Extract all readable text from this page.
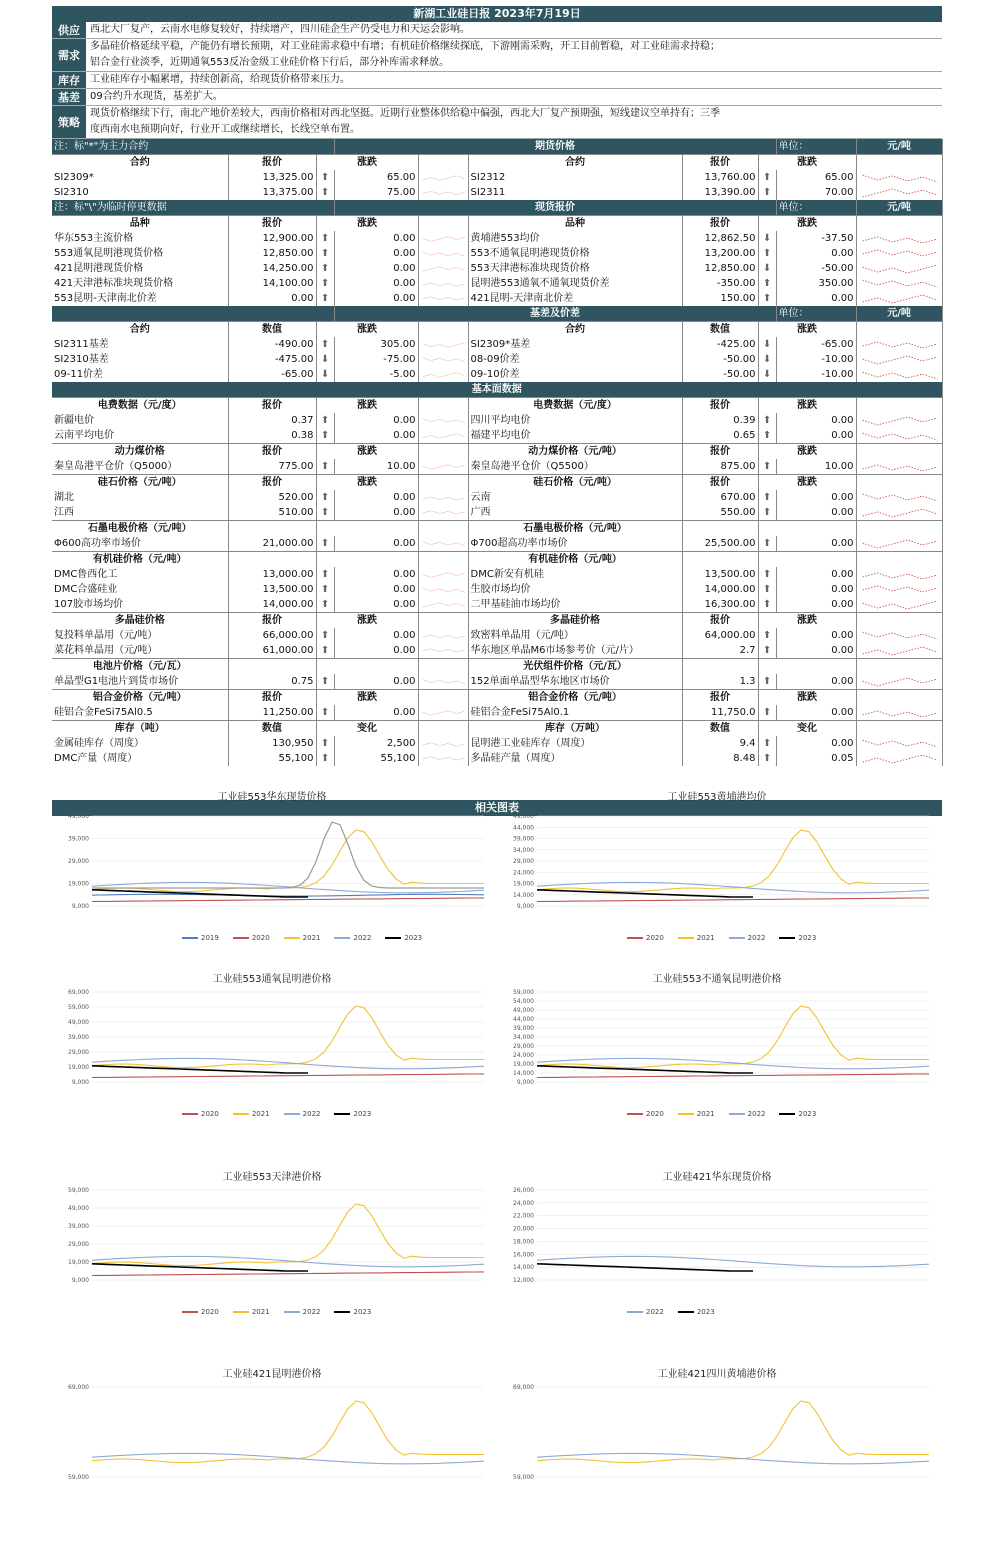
新湖工业硅日报 2023年7月19日
供应	西北大厂复产，云南水电修复较好，持续增产，四川硅企生产仍受电力和天运会影响。
需求
多晶硅价格延续平稳，产能仍有增长预期，对工业硅需求稳中有增；有机硅价格继续探底，下游刚需采购，开工目前暂稳，对工业硅需求持稳；
铝合金行业淡季，近期通氧553反冶金级工业硅价格下行后，部分补库需求释放。
库存	工业硅库存小幅累增，持续创新高，给现货价格带来压力。
基差	09合约升水现货，基差扩大。
策略
现货价格继续下行，南北产地价差较大，西南价格相对西北坚挺。近期行业整体供给稳中偏强，西北大厂复产预期强，短线建议空单持有；三季
度西南水电预期向好，行业开工或继续增长，长线空单布置。
注：标"*"为主力合约			期货价格					单位：	元/吨
合约	报价	涨跌			合约	报价	涨跌		
SI2309*	13,325.00	⬆	65.00		SI2312	13,760.00	⬆	65.00	

SI2310	13,375.00	⬆	75.00		SI2311	13,390.00	⬆	70.00	

注：标"\"为临时停更数据			现货报价					单位：	元/吨
品种	报价	涨跌			品种	报价	涨跌		
华东553主流价格	12,900.00	⬆	0.00		黄埔港553均价	12,862.50	⬇	-37.50	

553通氧昆明港现货价格	12,850.00	⬆	0.00		553不通氧昆明港现货价格	13,200.00	⬆	0.00	

421昆明港现货价格	14,250.00	⬆	0.00		553天津港标准块现货价格	12,850.00	⬇	-50.00	

421天津港标准块现货价格	14,100.00	⬆	0.00		昆明港553通氧不通氧现货价差	-350.00	⬆	350.00	

553昆明-天津南北价差	0.00	⬆	0.00		421昆明-天津南北价差	150.00	⬆	0.00	

			基差及价差					单位：	元/吨
合约	数值	涨跌			合约	数值	涨跌		
SI2311基差	-490.00	⬆	305.00		SI2309*基差	-425.00	⬇	-65.00	

SI2310基差	-475.00	⬇	-75.00		08-09价差	-50.00	⬇	-10.00	

09-11价差	-65.00	⬇	-5.00		09-10价差	-50.00	⬇	-10.00	

基本面数据									
电费数据（元/度）	报价	涨跌			电费数据（元/度）	报价	涨跌		
新疆电价	0.37	⬆	0.00		四川平均电价	0.39	⬆	0.00	

云南平均电价	0.38	⬆	0.00		福建平均电价	0.65	⬆	0.00	

动力煤价格	报价	涨跌			动力煤价格（元/吨）	报价	涨跌		
秦皇岛港平仓价（Q5000）	775.00	⬆	10.00		秦皇岛港平仓价（Q5500）	875.00	⬆	10.00	

硅石价格（元/吨）	报价	涨跌			硅石价格（元/吨）	报价	涨跌		
湖北	520.00	⬆	0.00		云南	670.00	⬆	0.00	

江西	510.00	⬆	0.00		广西	550.00	⬆	0.00	

石墨电极价格（元/吨）					石墨电极价格（元/吨）				
Φ600高功率市场价	21,000.00	⬆	0.00		Φ700超高功率市场价	25,500.00	⬆	0.00	

有机硅价格（元/吨）					有机硅价格（元/吨）				
DMC鲁西化工	13,000.00	⬆	0.00		DMC新安有机硅	13,500.00	⬆	0.00	

DMC合盛硅业	13,500.00	⬆	0.00		生胶市场均价	14,000.00	⬆	0.00	

107胶市场均价	14,000.00	⬆	0.00		二甲基硅油市场均价	16,300.00	⬆	0.00	

多晶硅价格	报价	涨跌			多晶硅价格	报价	涨跌		
复投料单晶用（元/吨）	66,000.00	⬆	0.00		致密料单晶用（元/吨）	64,000.00	⬆	0.00	

菜花料单晶用（元/吨）	61,000.00	⬆	0.00		华东地区单晶M6市场参考价（元/片）	2.7	⬆	0.00	

电池片价格（元/瓦）					光伏组件价格（元/瓦）				
单晶型G1电池片到货市场价	0.75	⬆	0.00		152单面单晶型华东地区市场价	1.3	⬆	0.00	

铝合金价格（元/吨）	报价	涨跌			铝合金价格（元/吨）	报价	涨跌		
硅铝合金FeSi75Al0.5	11,250.00	⬆	0.00		硅铝合金FeSi75Al0.1	11,750.0	⬆	0.00	

库存（吨）	数值	变化			库存（万吨）	数值	变化		
金属硅库存（周度）	130,950	⬆	2,500		昆明港工业硅库存（周度）	9.4	⬆	0.00	

DMC产量（周度）	55,100	⬆	55,100		多晶硅产量（周度）	8.48	⬆	0.05	
相关图表
工业硅553华东现货价格
9,000
19,000
29,000
39,000
49,000
2019	2020	2021	2022	2023
工业硅553黄埔港均价
9,000
14,000
19,000
24,000
29,000
34,000
39,000
44,000
49,000
2020	2021	2022	2023
工业硅553通氧昆明港价格
9,000
19,000
29,000
39,000
49,000
59,000
69,000
2020	2021	2022	2023
工业硅553不通氧昆明港价格
9,000
14,000
19,000
24,000
29,000
34,000
39,000
44,000
49,000
54,000
59,000
2020	2021	2022	2023
工业硅553天津港价格
9,000
19,000
29,000
39,000
49,000
59,000
2020	2021	2022	2023
工业硅421华东现货价格
12,000
14,000
16,000
18,000
20,000
22,000
24,000
26,000
2022	2023
工业硅421昆明港价格
59,000
69,000
工业硅421四川黄埔港价格
59,000
69,000
